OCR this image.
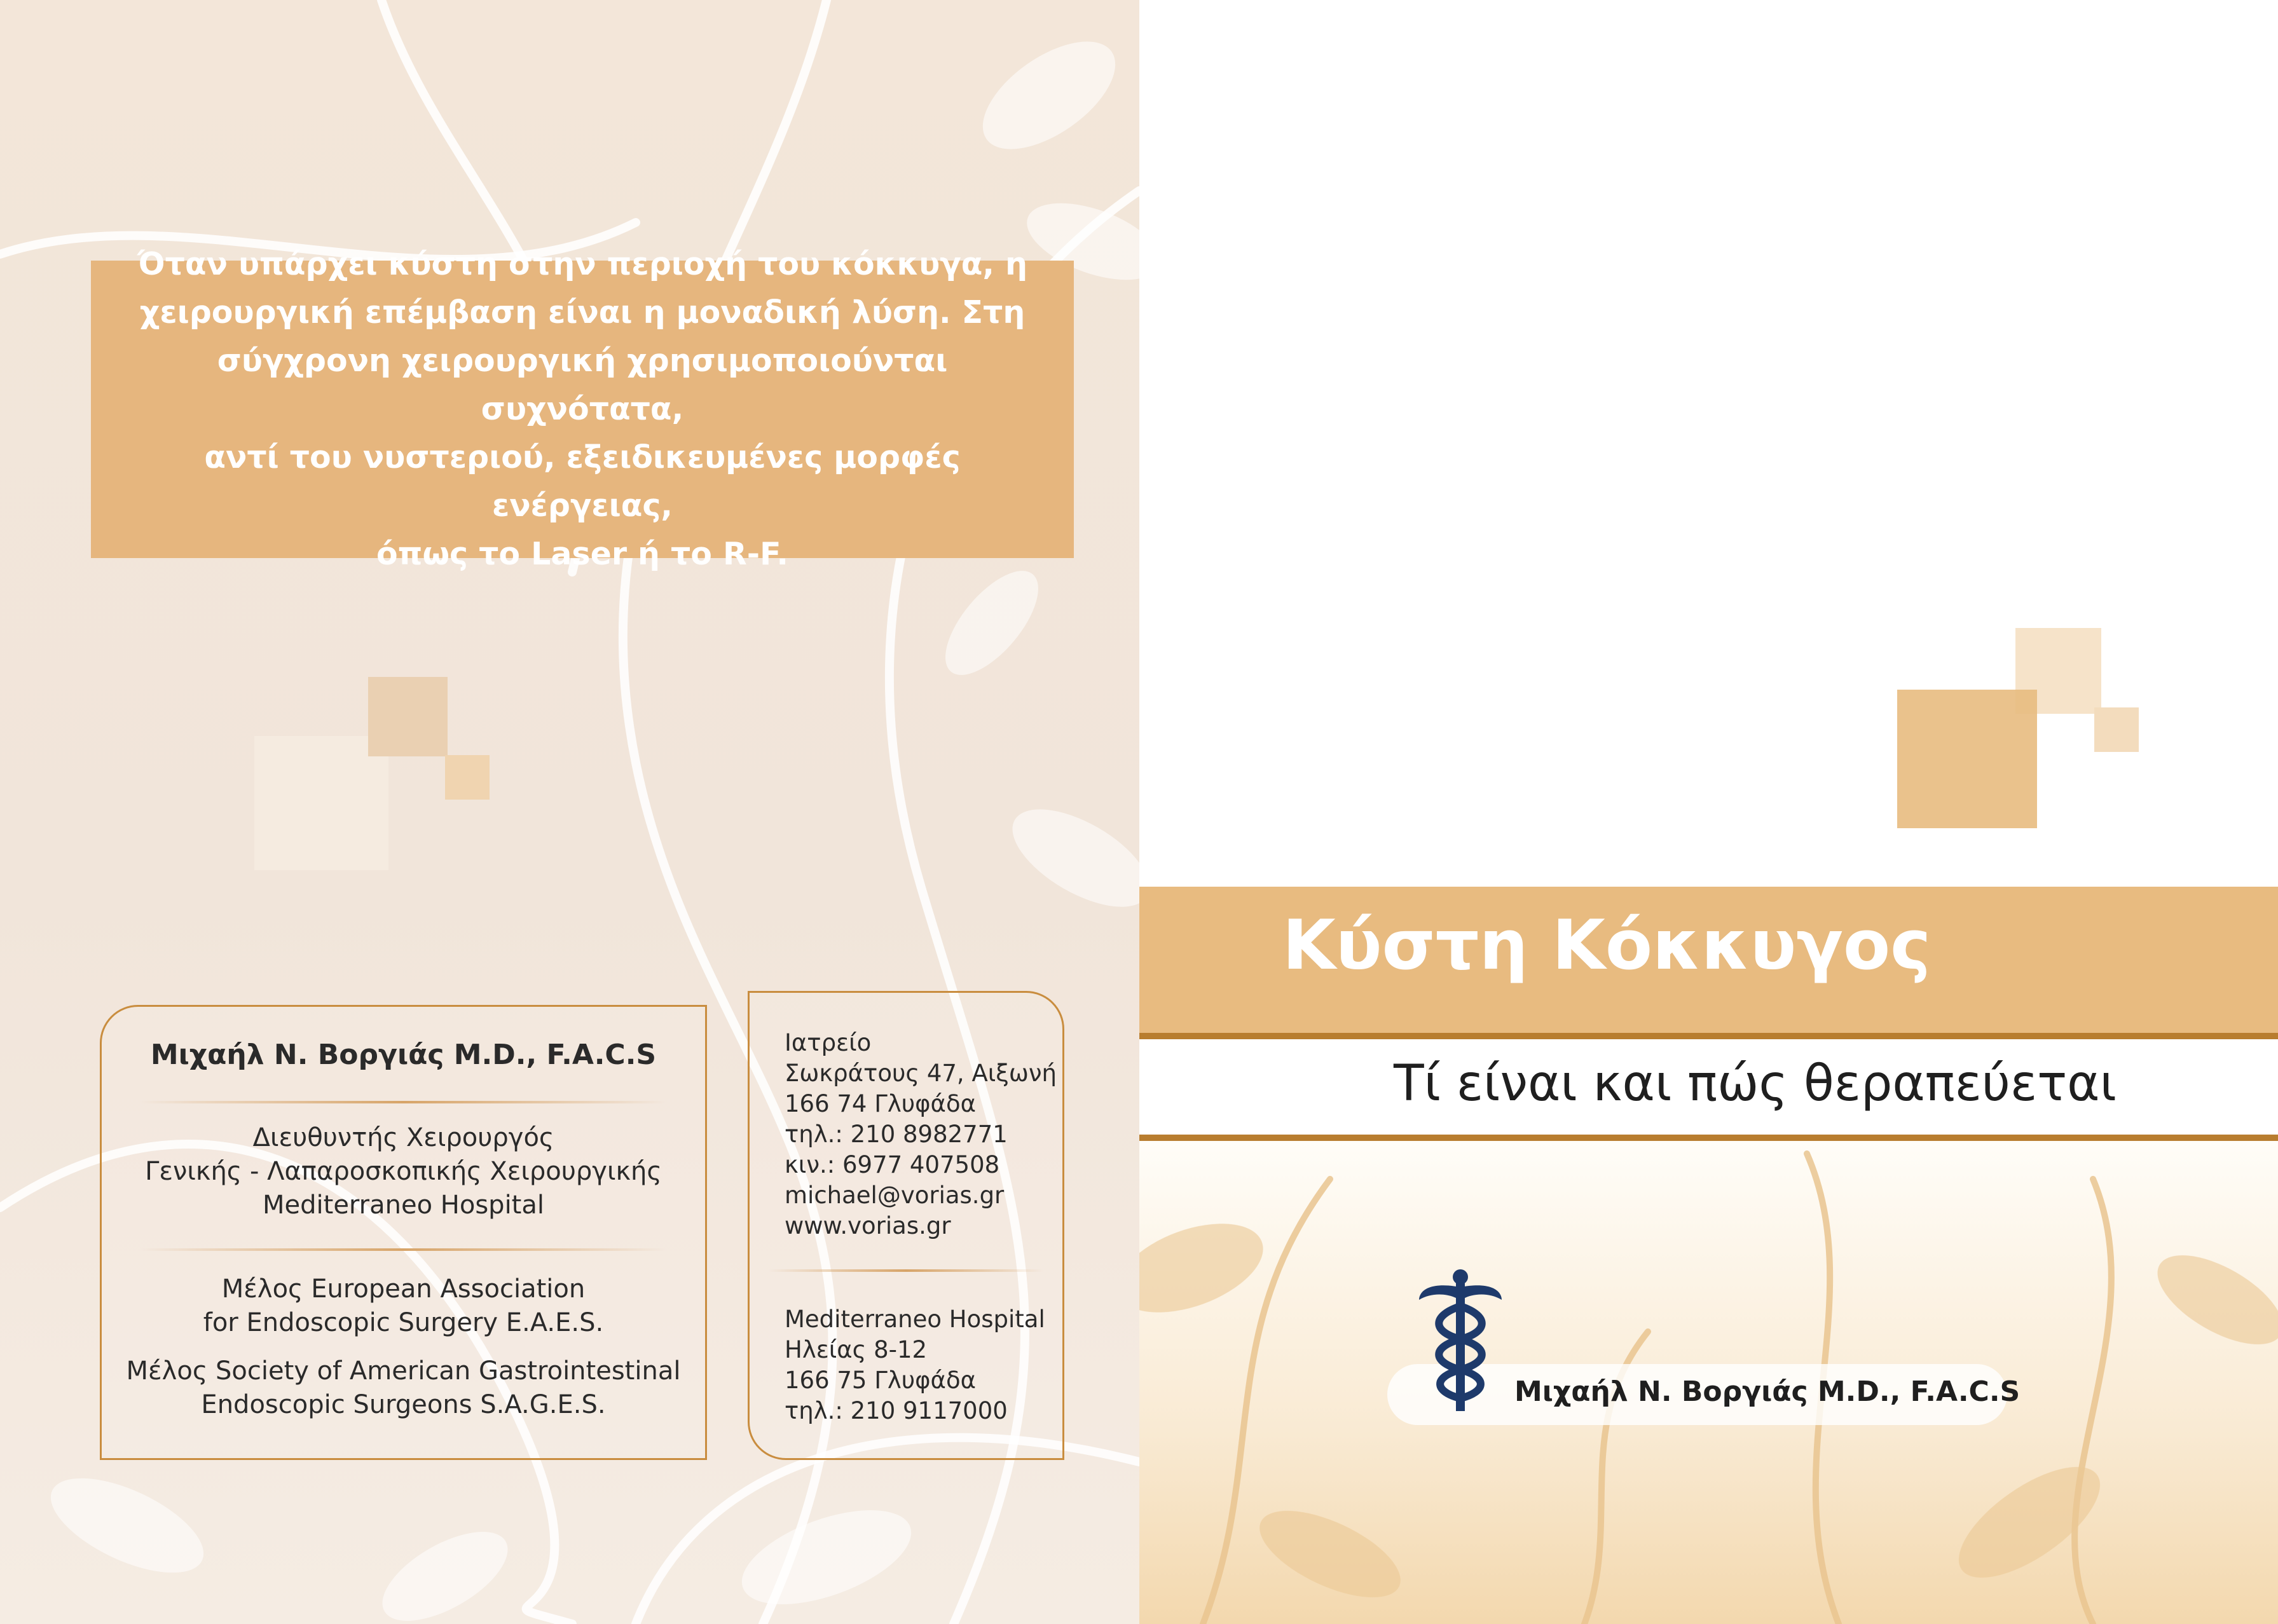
Όταν υπάρχει κύστη στην περιοχή του κόκκυγα, η
χειρουργική επέμβαση είναι η μοναδική λύση. Στη
σύγχρονη χειρουργική χρησιμοποιούνται συχνότατα,
αντί του νυστεριού, εξειδικευμένες μορφές ενέργειας,
όπως το Laser ή το R-F.
Μιχαήλ Ν. Βοργιάς M.D., F.A.C.S
Διευθυντής Χειρουργός
Γενικής - Λαπαροσκοπικής Χειρουργικής
Mediterraneo Hospital
Μέλος European Association
for Endoscopic Surgery E.A.E.S.
Μέλος Society of American Gastrointestinal
Endoscopic Surgeons S.A.G.E.S.
Ιατρείο
Σωκράτους 47, Αιξωνή
166 74 Γλυφάδα
τηλ.: 210 8982771
κιν.: 6977 407508
michael@vorias.gr
www.vorias.gr
Mediterraneo Hospital
Ηλείας 8-12
166 75 Γλυφάδα
τηλ.: 210 9117000
Κύστη Κόκκυγος
Τί είναι και πώς θεραπεύεται
Μιχαήλ Ν. Βοργιάς M.D., F.A.C.S
